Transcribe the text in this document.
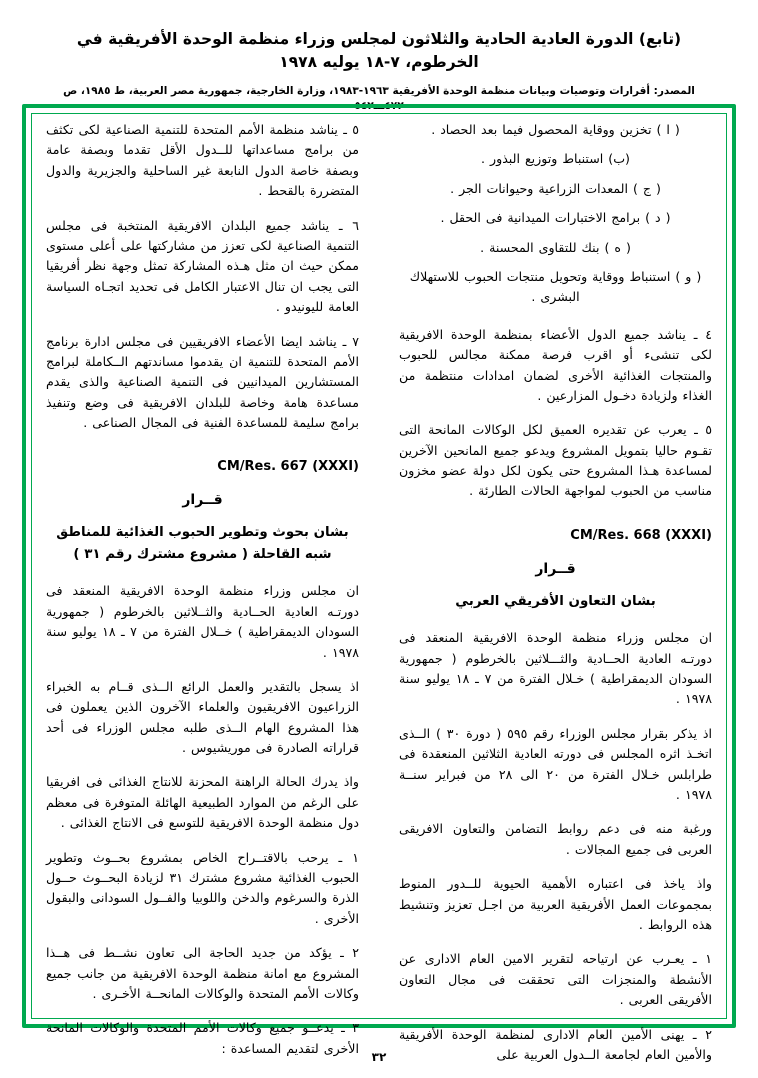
(تابع) الدورة العادية الحادية والثلاثون لمجلس وزراء منظمة الوحدة الأفريقية في الخرطوم، ٧-١٨ يوليه ١٩٧٨
المصدر: أقرارات وتوصيات وبيانات منظمة الوحدة الأفريقية ١٩٦٣-١٩٨٣، وزارة الخارجية، جمهورية مصر العربية، ط ١٩٨٥، ص ٤٧٢ـــ٥٤٢

( ا ) تخزين ووقاية المحصول فيما بعد الحصاد .

(ب) استنباط وتوزيع البذور .

( ج ) المعدات الزراعية وحيوانات الجر .

( د ) برامج الاختبارات الميدانية فى الحقل .

( ه ) بنك للتقاوى المحسنة .

( و ) استنباط ووقاية وتحويل منتجات الحبوب للاستهلاك البشرى .

٤ ـ يناشد جميع الدول الأعضاء بمنظمة الوحدة الافريقية لكى تنشىء أو اقرب فرصة ممكنة مجالس للحبوب والمنتجات الغذائية الأخرى لضمان امدادات منتظمة من الغذاء ولزيادة دخـول المزارعين .

٥ ـ يعرب عن تقديره العميق لكل الوكالات المانحة التى تقـوم حاليا بتمويل المشروع ويدعو جميع المانحين الآخرين لمساعدة هـذا المشروع حتى يكون لكل دولة عضو مخزون مناسب من الحبوب لمواجهة الحالات الطارئة .

CM/Res. 668 (XXXI)
قــرار
بشان التعاون الأفريقي العربي

ان مجلس وزراء منظمة الوحدة الافريقية المنعقد فى دورتـه العادية الحــادية والثـــلاثين بالخرطوم ( جمهورية السودان الديمقراطية ) خـلال الفترة من ٧ ـ ١٨ يوليو سنة ١٩٧٨ .

اذ يذكر بقرار مجلس الوزراء رقم ٥٩٥ ( دورة ٣٠ ) الــذى اتخـذ اثره المجلس فى دورته العادية الثلاثين المنعقدة فى طرابلس خـلال الفترة من ٢٠ الى ٢٨ من فبراير سنــة ١٩٧٨ .

ورغبة منه فى دعم روابط التضامن والتعاون الافريقى العربى فى جميع المجالات .

واذ ياخذ فى اعتباره الأهمية الحيوية للــدور المنوط بمجموعات العمل الأفريقية العربية من اجـل تعزيز وتنشيط هذه الروابط .

١ ـ يعـرب عن ارتياحه لتقرير الامين العام الادارى عن الأنشطة والمنجزات التى تحققت فى مجال التعاون الأفريقى العربى .

٢ ـ يهنى الأمين العام الادارى لمنظمة الوحدة الأفريقية والأمين العام لجامعة الــدول العربية على

٥ ـ يناشد منظمة الأمم المتحدة للتنمية الصناعية لكى تكثف من برامج مساعداتها للــدول الأقل تقدما وبصفة عامة وبصفة خاصة الدول النابعة غير الساحلية والجزيرية والدول المتضررة بالقحط .

٦ ـ يناشد جميع البلدان الافريقية المنتخبة فى مجلس التنمية الصناعية لكى تعزز من مشاركتها على أعلى مستوى ممكن حيث ان مثل هـذه المشاركة تمثل وجهة نظر أفريقيا التى يجب ان تنال الاعتبار الكامل فى تحديد اتجـاه السياسة العامة لليونيدو .

٧ ـ يناشد ايضا الأعضاء الافريقيين فى مجلس ادارة برنامج الأمم المتحدة للتنمية ان يقدموا مساندتهم الــكاملة لبرامج المستشارين الميدانيين فى التنمية الصناعية والذى يقدم مساعدة هامة وخاصة للبلدان الافريقية فى وضع وتنفيذ برامج سليمة للمساعدة الفنية فى المجال الصناعى .

CM/Res. 667 (XXXI)
قــرار
بشان بحوث وتطوير الحبوب الغذائية للمناطق
شبه القاحلة ( مشروع مشترك رقم ٣١ )

ان مجلس وزراء منظمة الوحدة الافريقية المنعقد فى دورتـه العادية الحــادية والثــلاثين بالخرطوم ( جمهورية السودان الديمقراطية ) خــلال الفترة من ٧ ـ ١٨ يوليو سنة ١٩٧٨ .

اذ يسجل بالتقدير والعمل الرائع الــذى قــام به الخبراء الزراعيون الافريقيون والعلماء الآخرون الذين يعملون فى هذا المشروع الهام الــذى طلبه مجلس الوزراء فى أحد قراراته الصادرة فى موريشيوس .

واذ يدرك الحالة الراهنة المحزنة للانتاج الغذائى فى افريقيا على الرغم من الموارد الطبيعية الهائلة المتوفرة فى معظم دول منظمة الوحدة الافريقية للتوسع فى الانتاج الغذائى .

١ ـ يرحب بالاقتــراح الخاص بمشروع بحــوث وتطوير الحبوب الغذائية مشروع مشترك ٣١ لزيادة البحــوث حــول الذرة والسرغوم والدخن واللوبيا والفــول السودانى والبقول الأخرى .

٢ ـ يؤكد من جديد الحاجة الى تعاون نشــط فى هــذا المشروع مع امانة منظمة الوحدة الافريقية من جانب جميع وكالات الأمم المتحدة والوكالات المانحــة الأخـرى .

٣ ـ يدعــو جميع وكالات الأمم المتحدة والوكالات المانحة الأخرى لتقديم المساعدة :

٣٢
